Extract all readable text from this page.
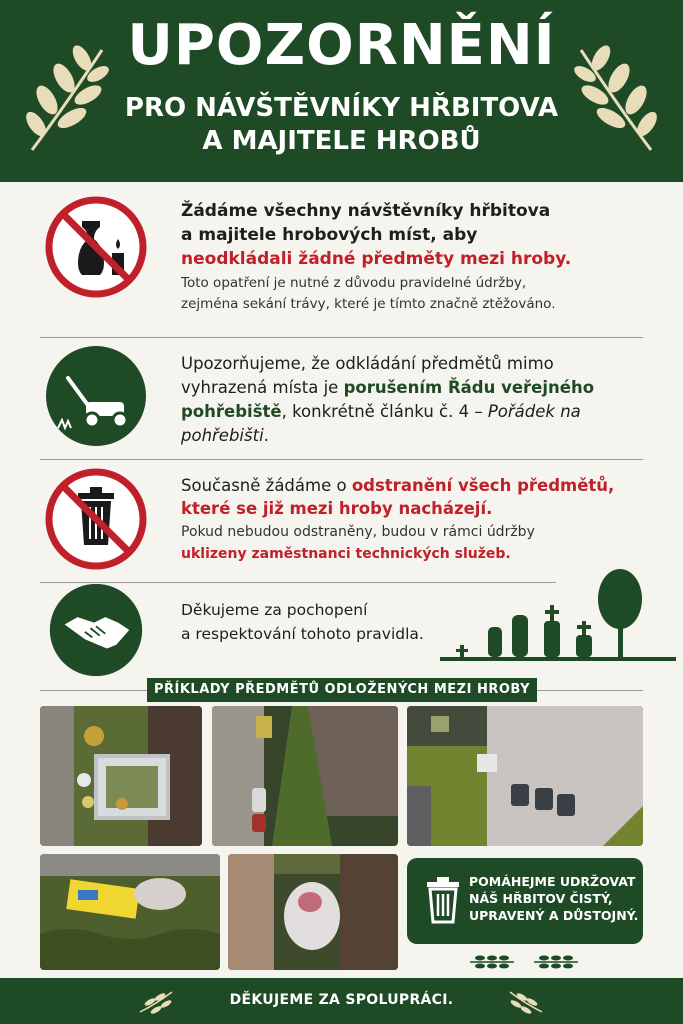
UPOZORNĚNÍ
PRO NÁVŠTĚVNÍKY HŘBITOVA
A MAJITELE HROBŮ
Žádáme všechny návštěvníky hřbitova
a majitele hrobových míst, aby
neodkládali žádné předměty mezi hroby.
Toto opatření je nutné z důvodu pravidelné údržby,
zejména sekání trávy, které je tímto značně ztěžováno.
Upozorňujeme, že odkládání předmětů mimo vyhrazená místa je porušením Řádu veřejného pohřebiště, konkrétně článku č. 4 – Pořádek na pohřebišti.
Současně žádáme o odstranění všech předmětů, které se již mezi hroby nacházejí.
Pokud nebudou odstraněny, budou v rámci údržby
uklizeny zaměstnanci technických služeb.
Děkujeme za pochopení
a respektování tohoto pravidla.
PŘÍKLADY PŘEDMĚTŮ ODLOŽENÝCH MEZI HROBY
POMÁHEJME UDRŽOVAT
NÁŠ HŘBITOV ČISTÝ,
UPRAVENÝ A DŮSTOJNÝ.
DĚKUJEME ZA SPOLUPRÁCI.
